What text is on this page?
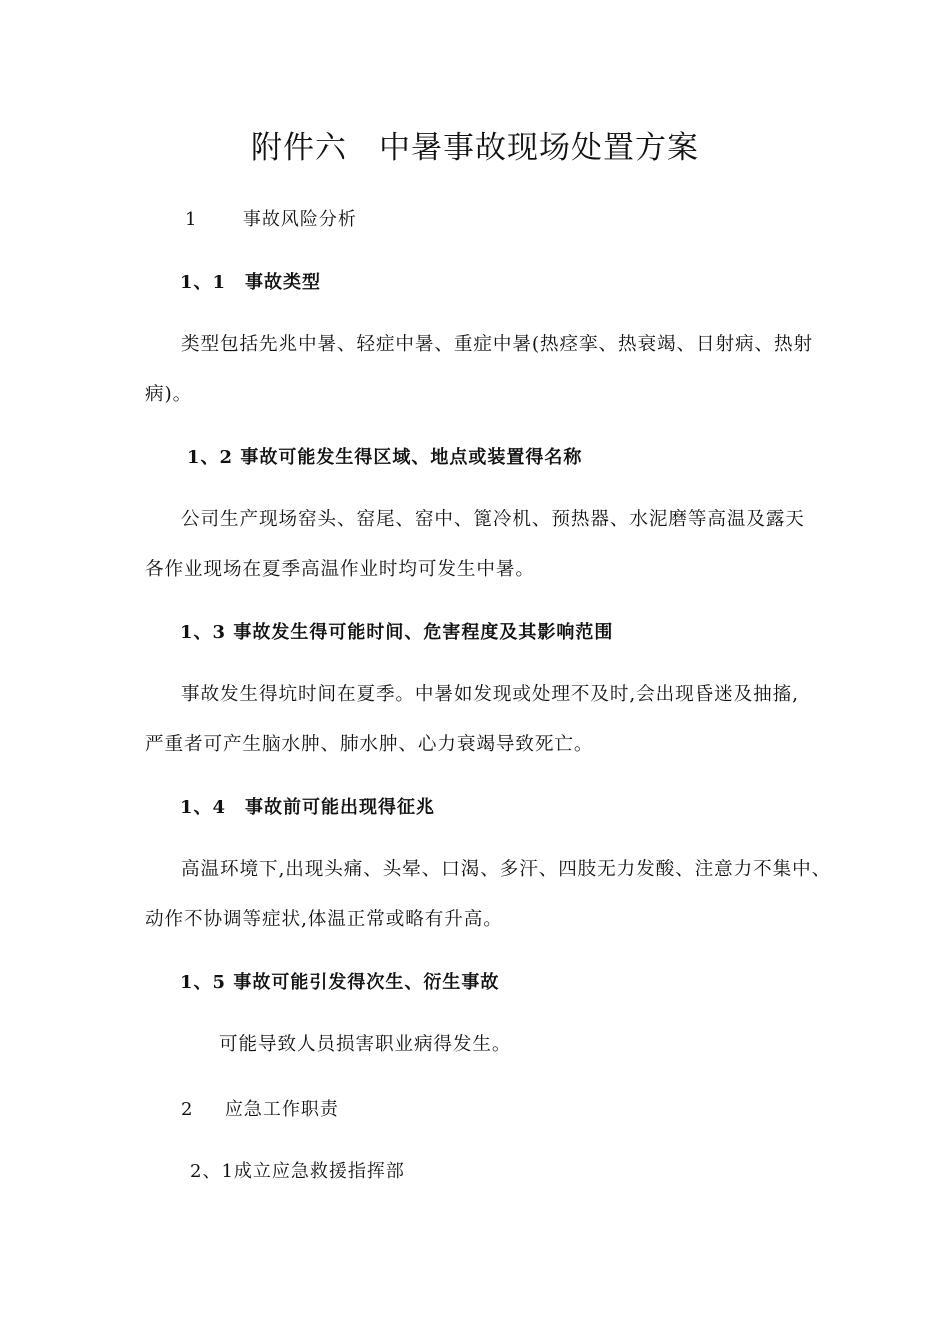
附件六　中暑事故现场处置方案
1	事故风险分析
1、1　事故类型
类型包括先兆中暑、轻症中暑、重症中暑(热痉挛、热衰竭、日射病、热射
病)。
1、2 事故可能发生得区域、地点或装置得名称
公司生产现场窑头、窑尾、窑中、篦冷机、预热器、水泥磨等高温及露天
各作业现场在夏季高温作业时均可发生中暑。
1、3 事故发生得可能时间、危害程度及其影响范围
事故发生得坑时间在夏季。中暑如发现或处理不及时,会出现昏迷及抽搐,
严重者可产生脑水肿、肺水肿、心力衰竭导致死亡。
1、4　事故前可能出现得征兆
高温环境下,出现头痛、头晕、口渴、多汗、四肢无力发酸、注意力不集中、
动作不协调等症状,体温正常或略有升高。
1、5 事故可能引发得次生、衍生事故
可能导致人员损害职业病得发生。
2 应急工作职责
2、1成立应急救援指挥部
